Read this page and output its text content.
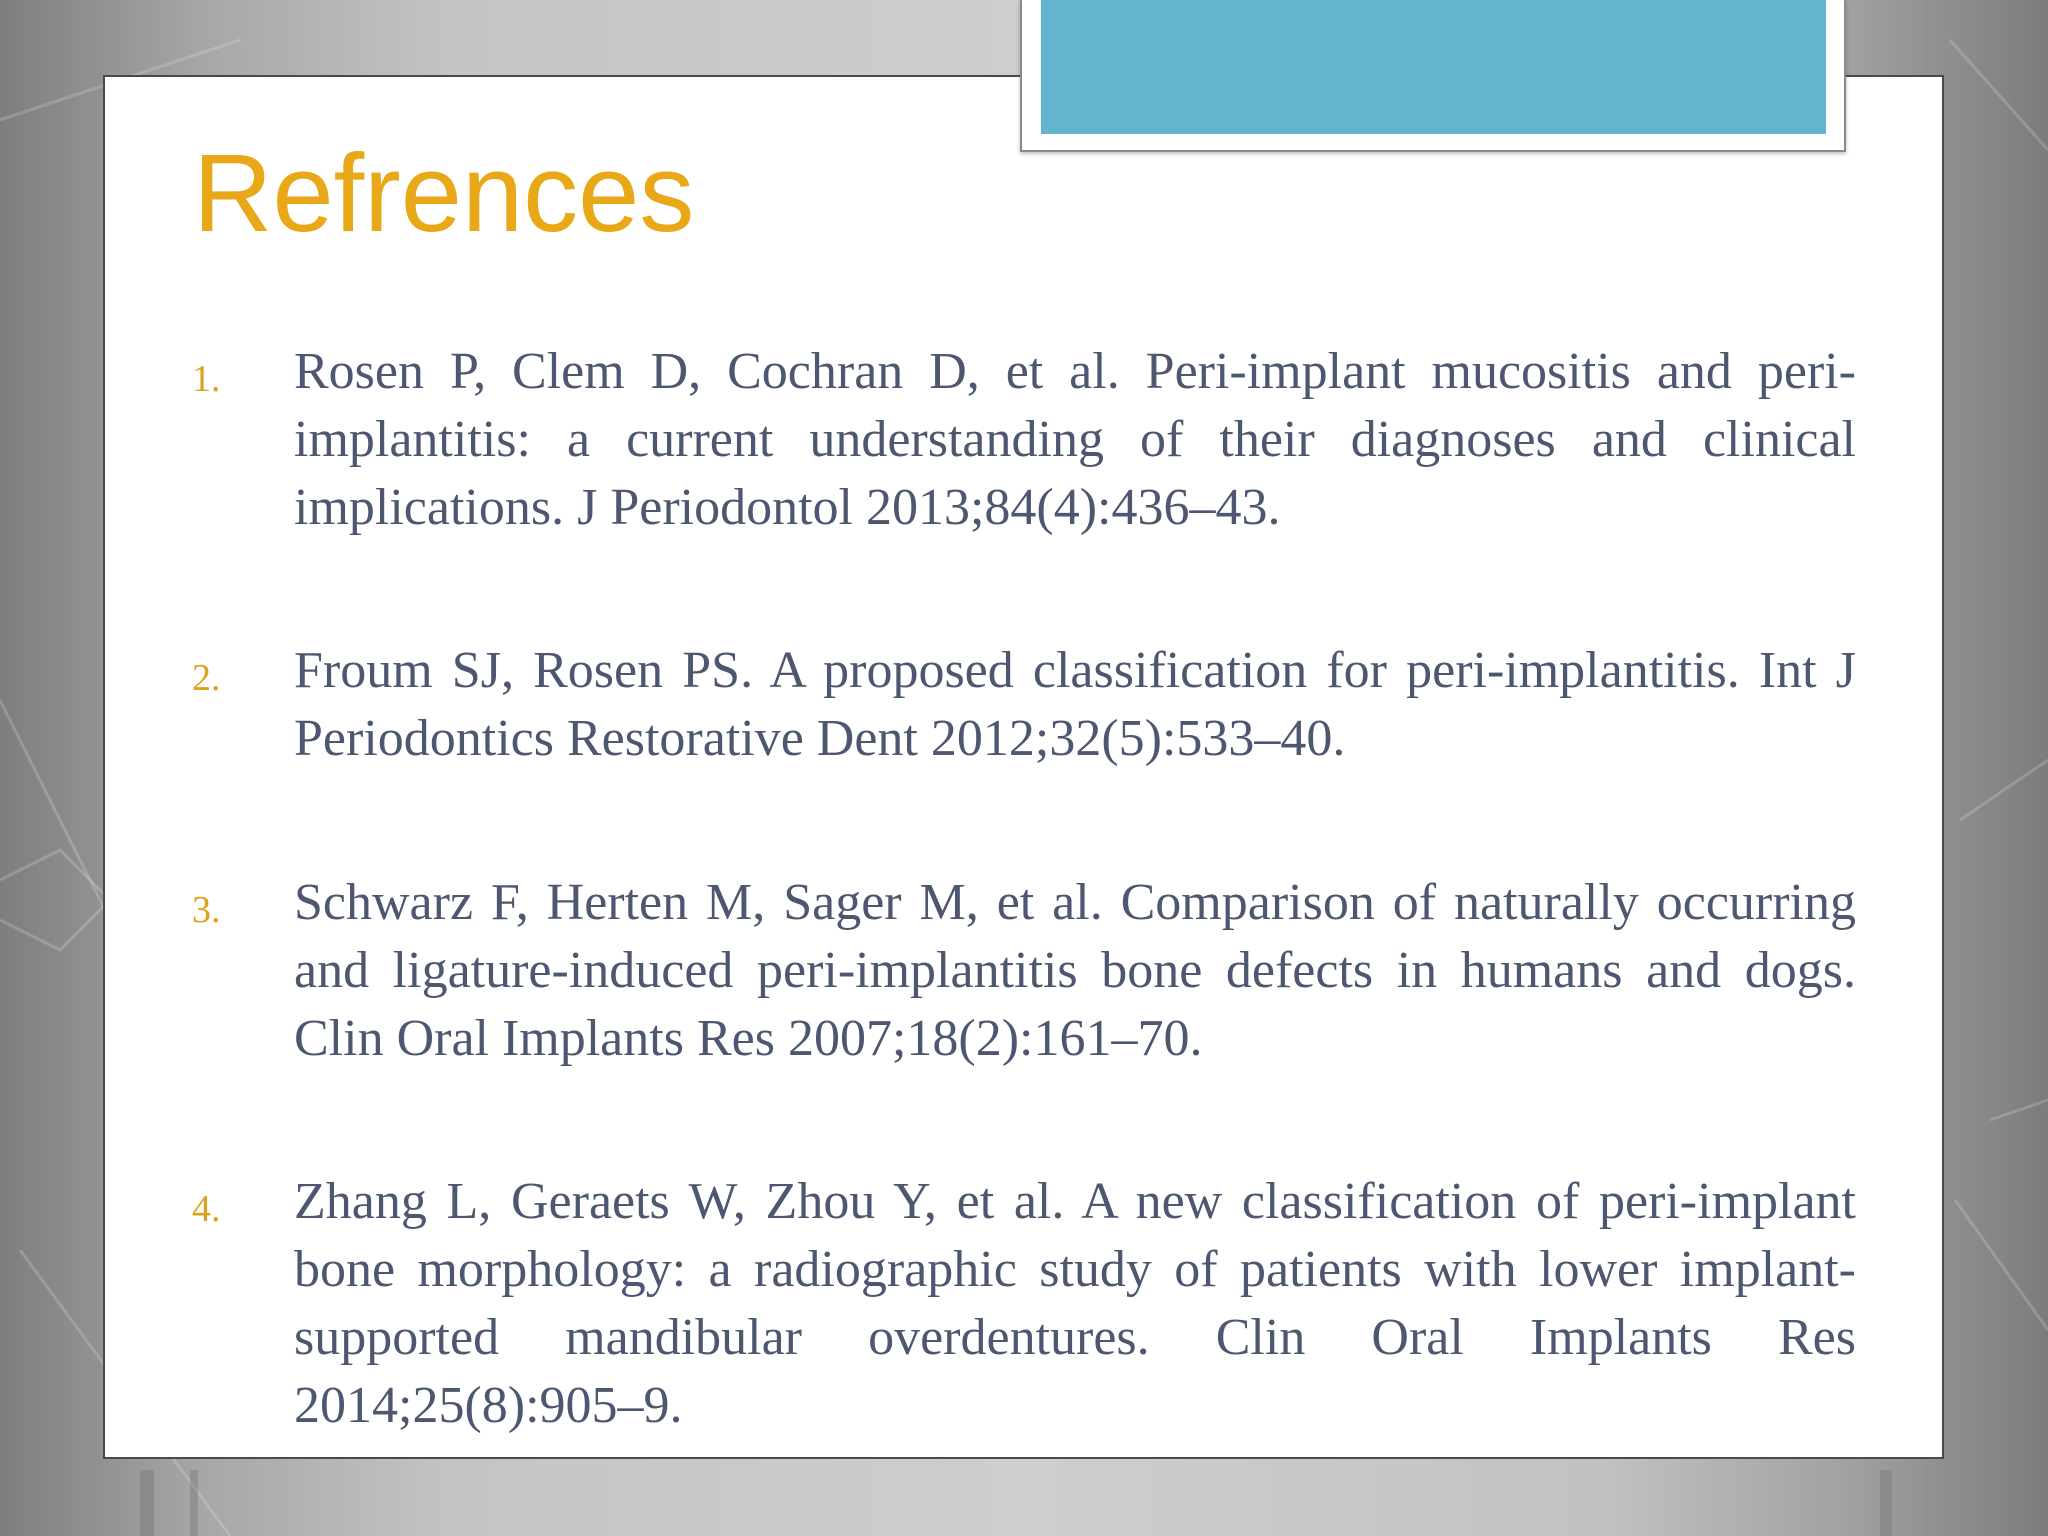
Refrences
1. Rosen P, Clem D, Cochran D, et al. Peri-implant mucositis and peri-implantitis: a current understanding of their diagnoses and clinical implications. J Periodontol 2013;84(4):436–43.

2. Froum SJ, Rosen PS. A proposed classification for peri-implantitis. Int J Periodontics Restorative Dent 2012;32(5):533–40.

3. Schwarz F, Herten M, Sager M, et al. Comparison of naturally occurring and ligature-induced peri-implantitis bone defects in humans and dogs. Clin Oral Implants Res 2007;18(2):161–70.

4. Zhang L, Geraets W, Zhou Y, et al. A new classification of peri-implant bone morphology: a radiographic study of patients with lower implant-supported mandibular overdentures. Clin Oral Implants Res 2014;25(8):905–9.
